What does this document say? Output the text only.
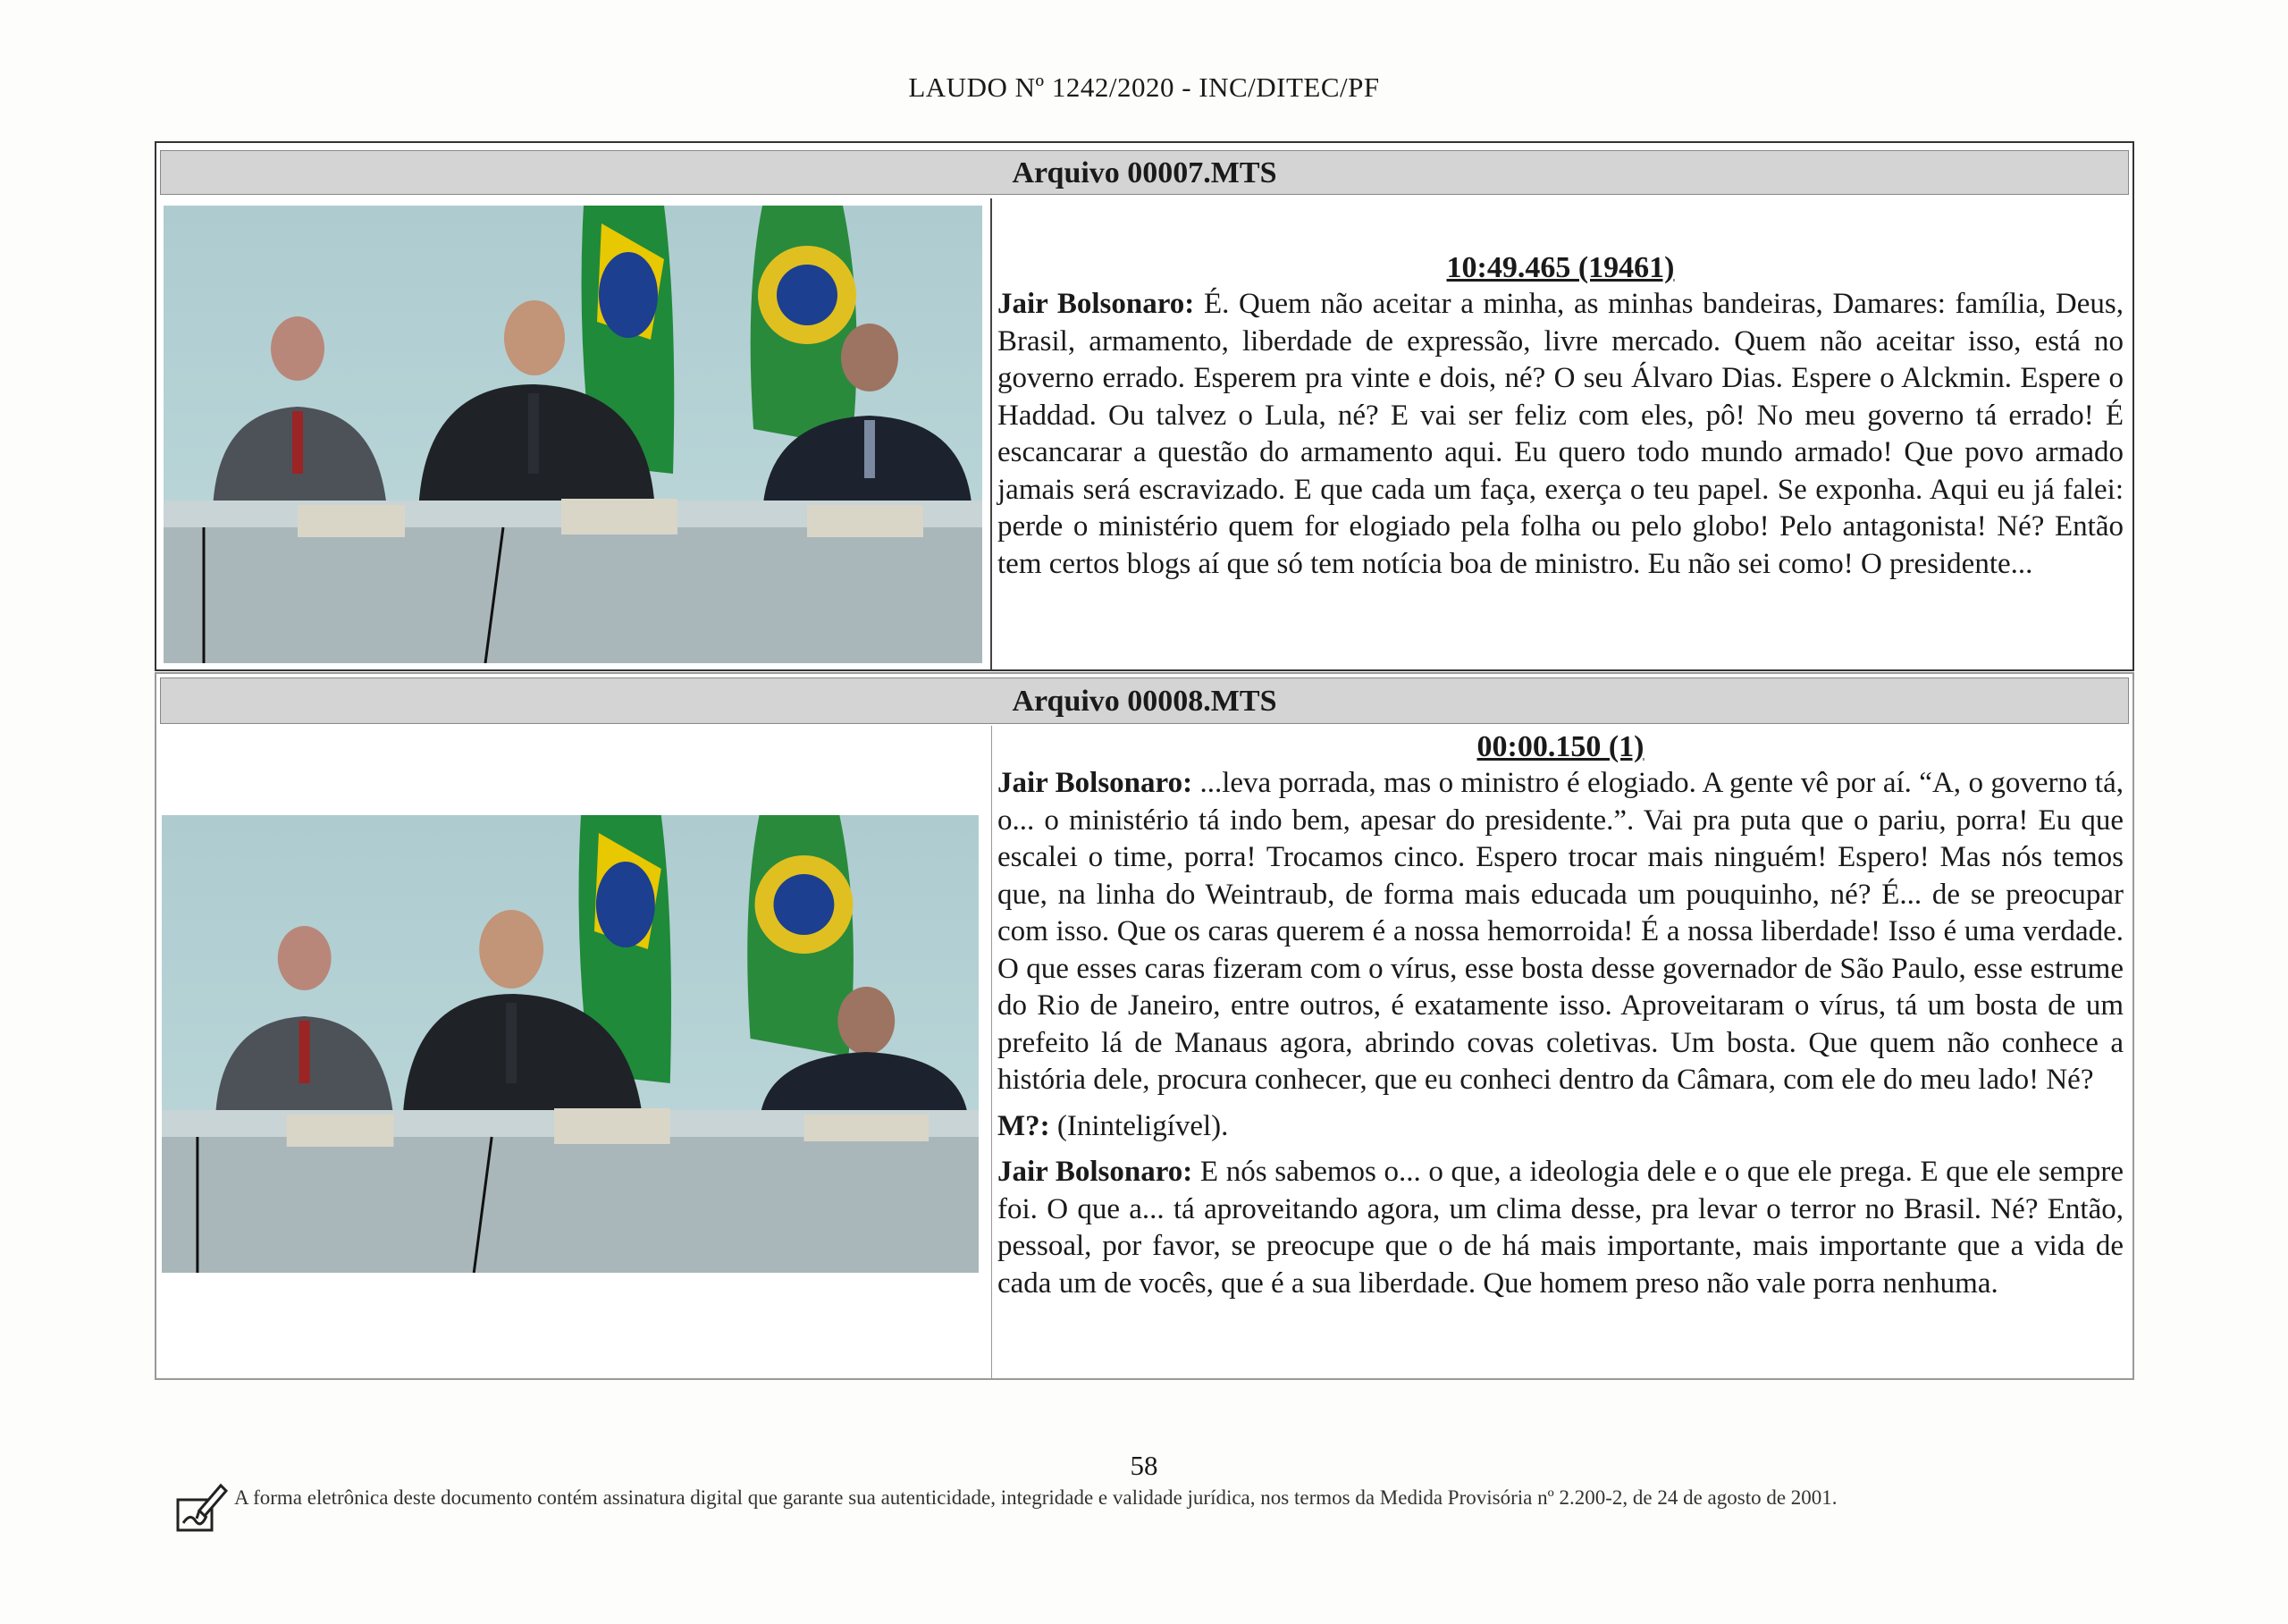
LAUDO Nº 1242/2020 - INC/DITEC/PF
Arquivo 00007.MTS
10:49.465 (19461)

Jair Bolsonaro: É. Quem não aceitar a minha, as minhas bandeiras, Damares: família, Deus, Brasil, armamento, liberdade de expressão, livre mercado. Quem não aceitar isso, está no governo errado. Esperem pra vinte e dois, né? O seu Álvaro Dias. Espere o Alckmin. Espere o Haddad. Ou talvez o Lula, né? E vai ser feliz com eles, pô! No meu governo tá errado! É escancarar a questão do armamento aqui. Eu quero todo mundo armado! Que povo armado jamais será escravizado. E que cada um faça, exerça o teu papel. Se exponha. Aqui eu já falei: perde o ministério quem for elogiado pela folha ou pelo globo! Pelo antagonista! Né? Então tem certos blogs aí que só tem notícia boa de ministro. Eu não sei como! O presidente...

Arquivo 00008.MTS
00:00.150 (1)

Jair Bolsonaro: ...leva porrada, mas o ministro é elogiado. A gente vê por aí. “A, o governo tá, o... o ministério tá indo bem, apesar do presidente.”. Vai pra puta que o pariu, porra! Eu que escalei o time, porra! Trocamos cinco. Espero trocar mais ninguém! Espero! Mas nós temos que, na linha do Weintraub, de forma mais educada um pouquinho, né? É... de se preocupar com isso. Que os caras querem é a nossa hemorroida! É a nossa liberdade! Isso é uma verdade. O que esses caras fizeram com o vírus, esse bosta desse governador de São Paulo, esse estrume do Rio de Janeiro, entre outros, é exatamente isso. Aproveitaram o vírus, tá um bosta de um prefeito lá de Manaus agora, abrindo covas coletivas. Um bosta. Que quem não conhece a história dele, procura conhecer, que eu conheci dentro da Câmara, com ele do meu lado! Né?

M?: (Ininteligível).

Jair Bolsonaro: E nós sabemos o... o que, a ideologia dele e o que ele prega. E que ele sempre foi. O que a... tá aproveitando agora, um clima desse, pra levar o terror no Brasil. Né? Então, pessoal, por favor, se preocupe que o de há mais importante, mais importante que a vida de cada um de vocês, que é a sua liberdade. Que homem preso não vale porra nenhuma.

58
A forma eletrônica deste documento contém assinatura digital que garante sua autenticidade, integridade e validade jurídica, nos termos da Medida Provisória nº 2.200-2, de 24 de agosto de 2001.
